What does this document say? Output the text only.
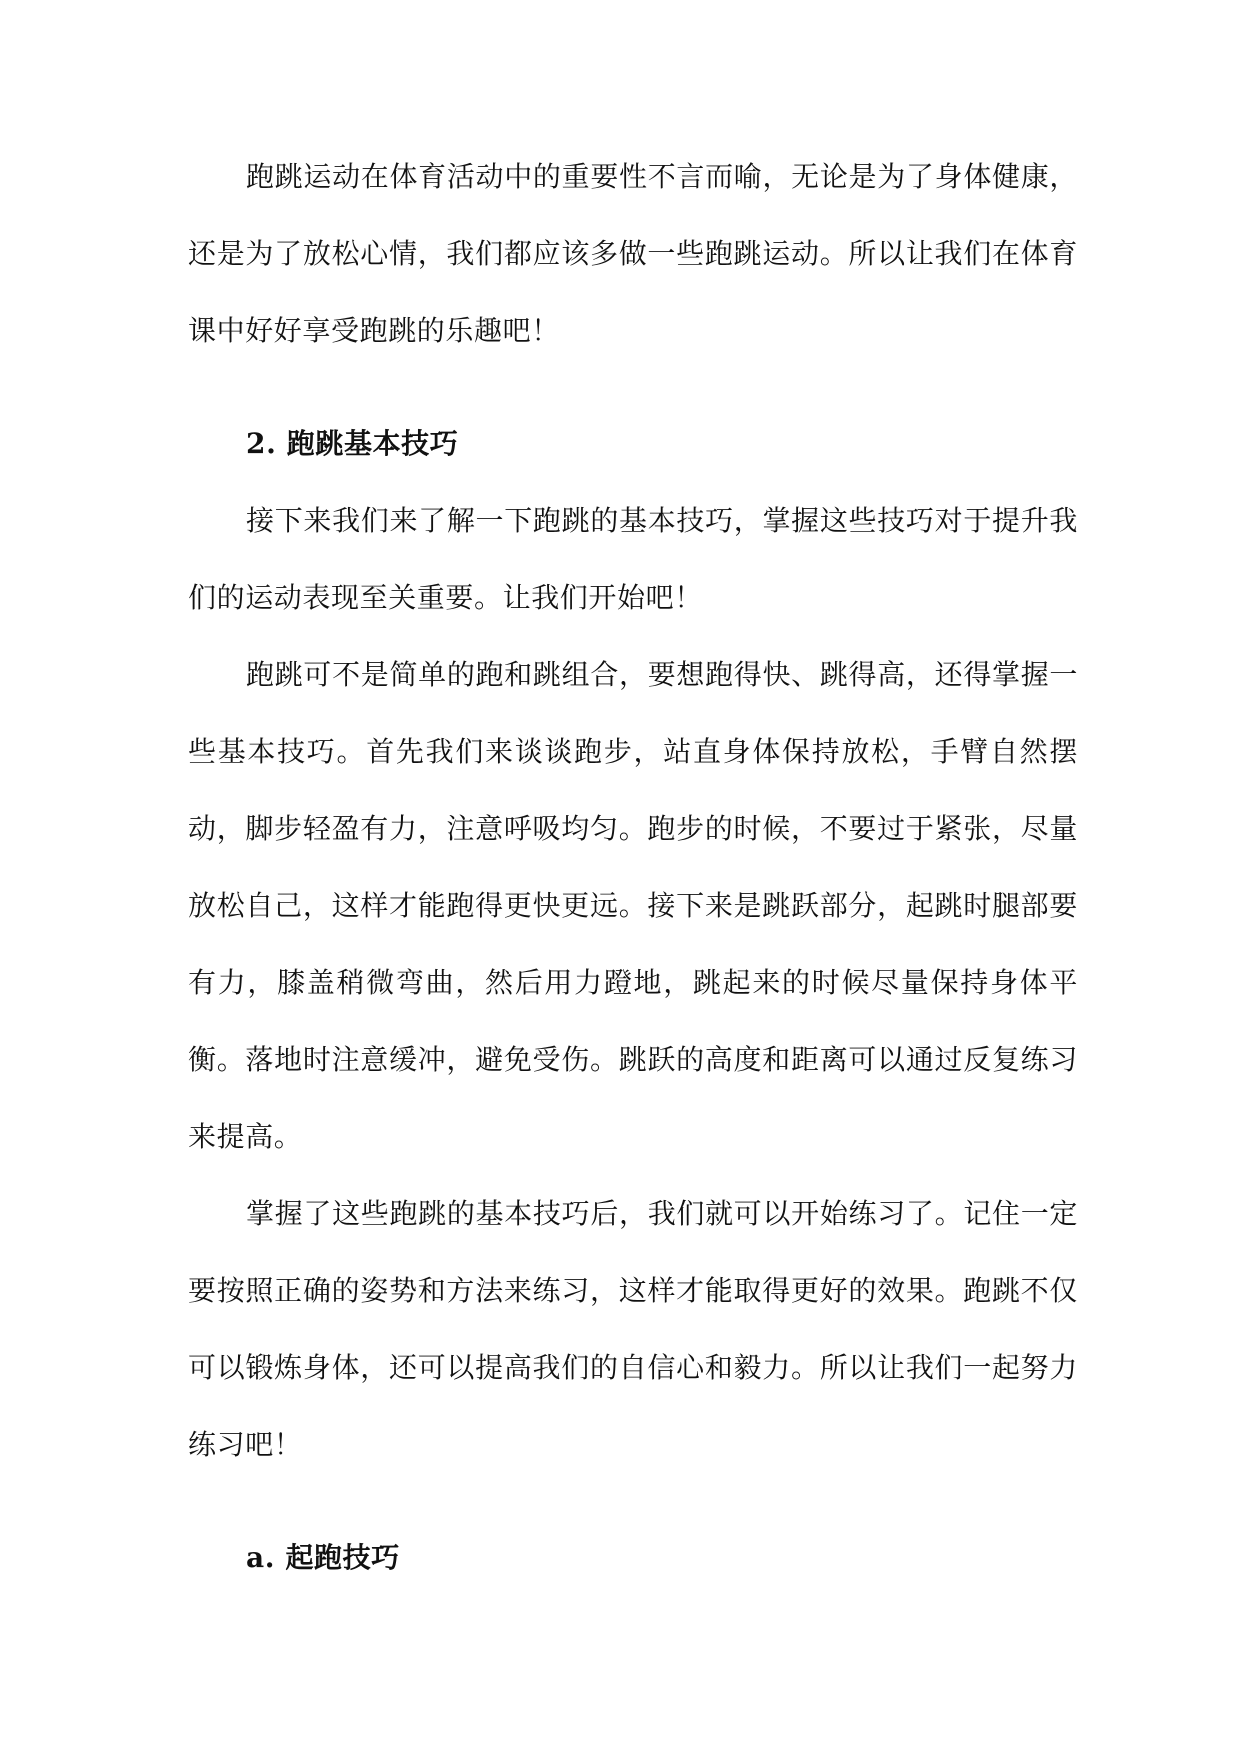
跑跳运动在体育活动中的重要性不言而喻，无论是为了身体健康，还是为了放松心情，我们都应该多做一些跑跳运动。所以让我们在体育课中好好享受跑跳的乐趣吧！

2. 跑跳基本技巧

接下来我们来了解一下跑跳的基本技巧，掌握这些技巧对于提升我们的运动表现至关重要。让我们开始吧！

跑跳可不是简单的跑和跳组合，要想跑得快、跳得高，还得掌握一些基本技巧。首先我们来谈谈跑步，站直身体保持放松，手臂自然摆动，脚步轻盈有力，注意呼吸均匀。跑步的时候，不要过于紧张，尽量放松自己，这样才能跑得更快更远。接下来是跳跃部分，起跳时腿部要有力，膝盖稍微弯曲，然后用力蹬地，跳起来的时候尽量保持身体平衡。落地时注意缓冲，避免受伤。跳跃的高度和距离可以通过反复练习来提高。

掌握了这些跑跳的基本技巧后，我们就可以开始练习了。记住一定要按照正确的姿势和方法来练习，这样才能取得更好的效果。跑跳不仅可以锻炼身体，还可以提高我们的自信心和毅力。所以让我们一起努力练习吧！

a. 起跑技巧
